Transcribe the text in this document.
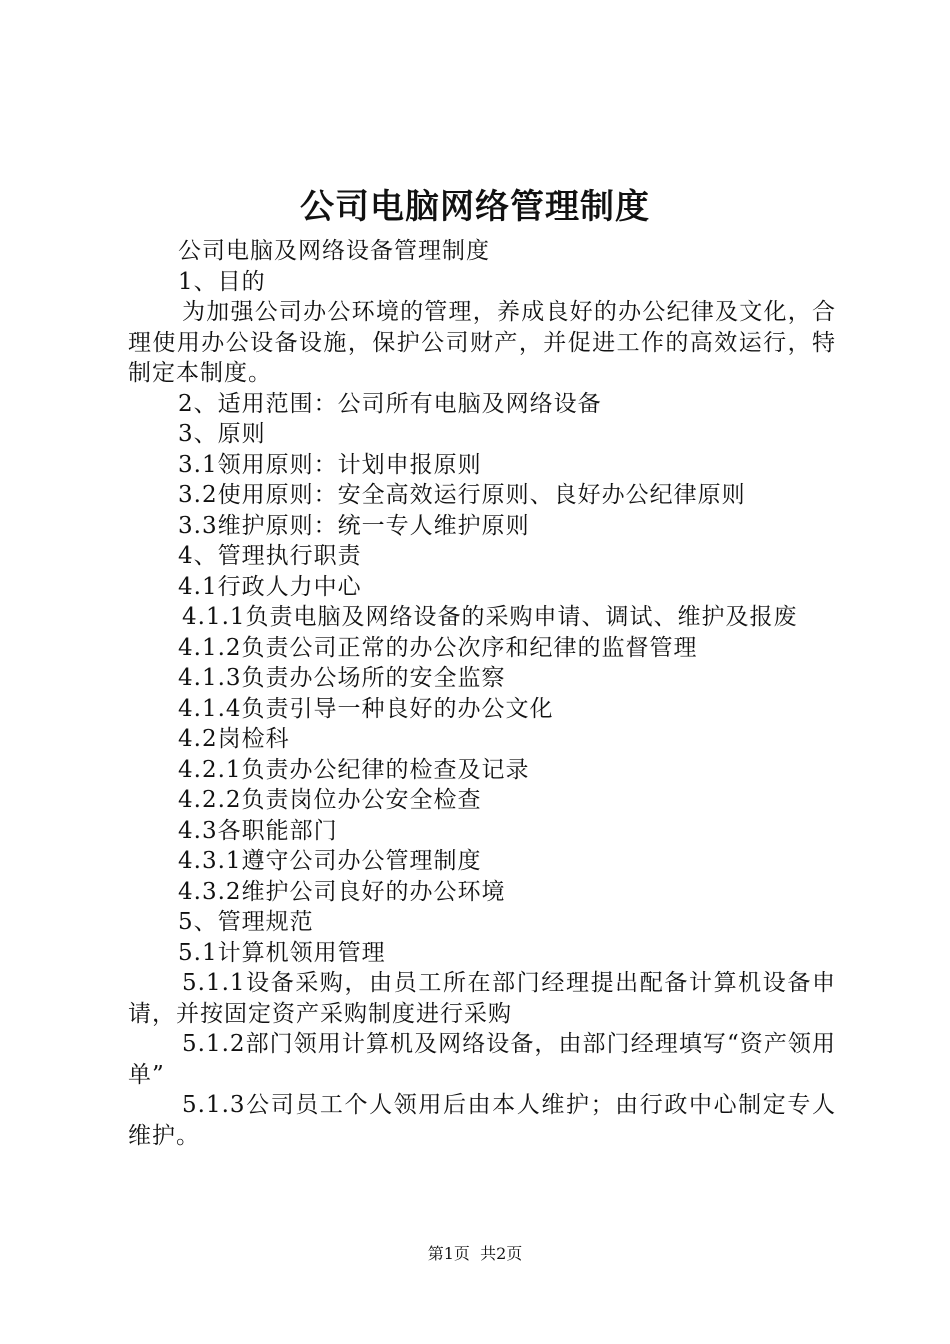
公司电脑网络管理制度

公司电脑及网络设备管理制度

1、目的

为加强公司办公环境的管理，养成良好的办公纪律及文化，合理使用办公设备设施，保护公司财产，并促进工作的高效运行，特制定本制度。

2、适用范围：公司所有电脑及网络设备

3、原则

3.1领用原则：计划申报原则

3.2使用原则：安全高效运行原则、良好办公纪律原则

3.3维护原则：统一专人维护原则

4、管理执行职责

4.1行政人力中心

4.1.1负责电脑及网络设备的采购申请、调试、维护及报废

4.1.2负责公司正常的办公次序和纪律的监督管理

4.1.3负责办公场所的安全监察

4.1.4负责引导一种良好的办公文化

4.2岗检科

4.2.1负责办公纪律的检查及记录

4.2.2负责岗位办公安全检查

4.3各职能部门

4.3.1遵守公司办公管理制度

4.3.2维护公司良好的办公环境

5、管理规范

5.1计算机领用管理

5.1.1设备采购，由员工所在部门经理提出配备计算机设备申请，并按固定资产采购制度进行采购

5.1.2部门领用计算机及网络设备，由部门经理填写“资产领用单”

5.1.3公司员工个人领用后由本人维护；由行政中心制定专人维护。

第1页 共2页
